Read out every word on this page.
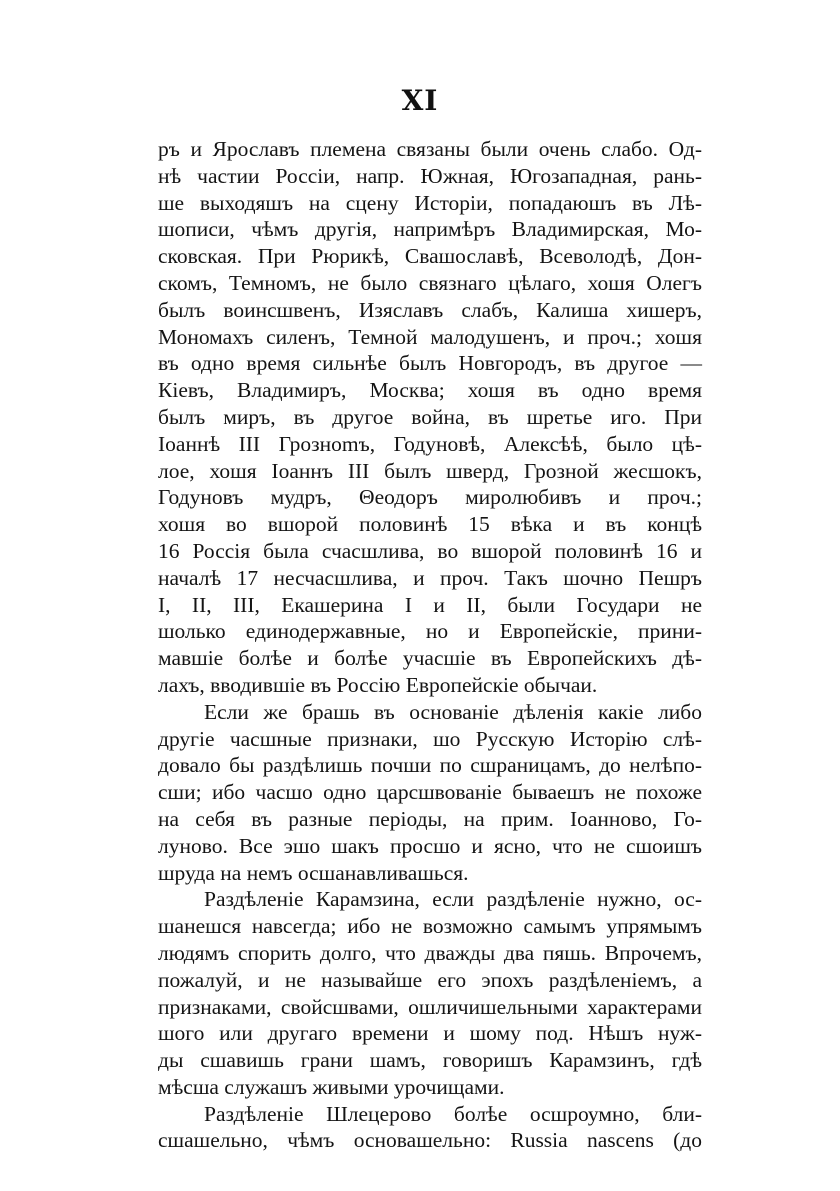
XI
ръ и Ярославъ племена связаны были очень слабо. Од-
нѣ частии Россіи, напр. Южная, Югозападная, рань-
ше выходяшъ на сцену Исторіи, попадаюшъ въ Лѣ-
шописи, чѣмъ другія, напримѣръ Владимирская, Мо-
сковская. При Рюрикѣ, Свашославѣ, Всеволодѣ, Дон-
скомъ, Темномъ, не было связнаго цѣлаго, хошя Олегъ
былъ воинсшвенъ, Изяславъ слабъ, Калиша хишеръ,
Мономахъ силенъ, Темной малодушенъ, и проч.; хошя
въ одно время сильнѣе былъ Новгородъ, въ другое —
Кіевъ, Владимиръ, Москва; хошя въ одно время
былъ миръ, въ другое война, въ шретье иго. При
Іоаннѣ III Грознomъ, Годуновѣ, Алексѣѣ, было цѣ-
лое, хошя Іоаннъ III былъ шверд, Грозной жесшокъ,
Годуновъ мудръ, Θеодоръ миролюбивъ и проч.;
хошя во вшорой половинѣ 15 вѣка и въ концѣ
16 Россія была счасшлива, во вшорой половинѣ 16 и
началѣ 17 несчасшлива, и проч. Такъ шочно Пешръ
I, II, III, Екашерина I и II, были Государи не
шолько единодержавные, но и Европейскіе, прини-
мавшіе болѣе и болѣе учасшіе въ Европейскихъ дѣ-
лахъ, вводившіе въ Россію Европейскіе обычаи.
Если же брашь въ основаніе дѣленія какіе либо
другіе часшные признаки, шо Русскую Исторію слѣ-
довало бы раздѣлишь почши по сшраницамъ, до нелѣпо-
сши; ибо часшо одно царсшвованіе бываешъ не похоже
на себя въ разные періоды, на прим. Іоанново, Го-
луново. Все эшо шакъ просшо и ясно, что не сшоишъ
шруда на немъ осшанавливашься.
Раздѣленіе Карамзина, если раздѣленіе нужно, ос-
шанешся навсегда; ибо не возможно самымъ упрямымъ
людямъ спорить долго, что дважды два пяшь. Впрочемъ,
пожалуй, и не называйше его эпохъ раздѣленіемъ, а
признаками, свойсшвами, ошличишельными характерами
шого или другаго времени и шому под. Нѣшъ нуж-
ды сшавишь грани шамъ, говоришъ Карамзинъ, гдѣ
мѣсша служашъ живыми урочищами.
Раздѣленіе Шлецерово болѣе осшроумно, бли-
сшашельно, чѣмъ основашельно: Russia nascens (до
